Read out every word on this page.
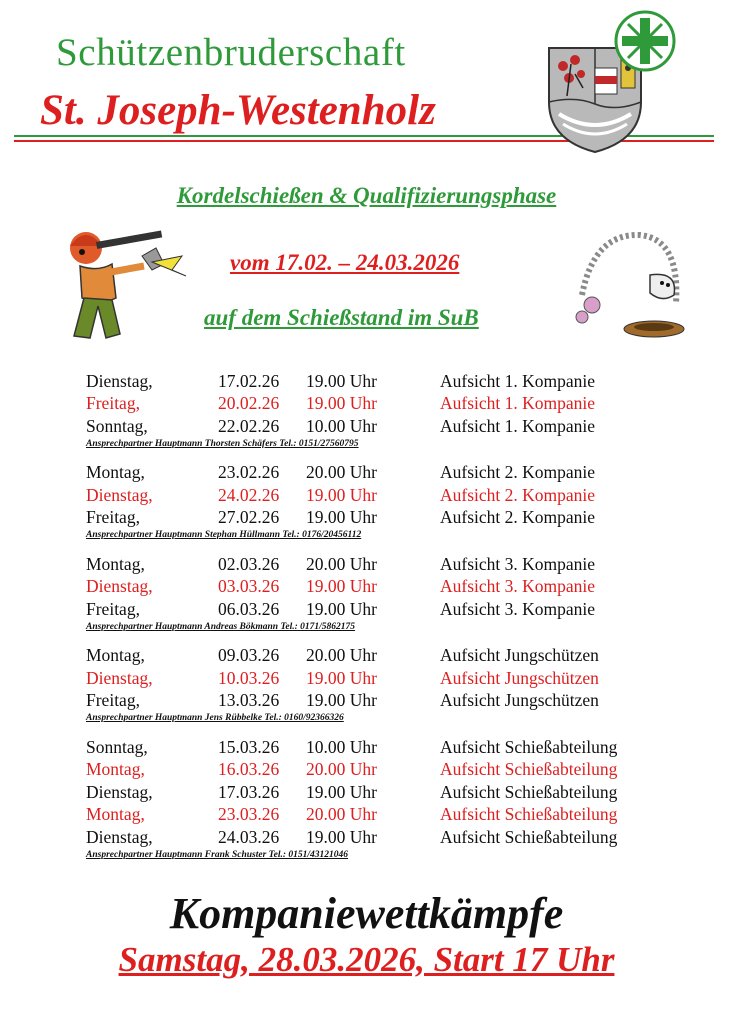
Schützenbruderschaft
St. Joseph-Westenholz
Kordelschießen & Qualifizierungsphase
vom 17.02. – 24.03.2026
auf dem Schießstand im SuB
Dienstag,	17.02.26	19.00 Uhr	Aufsicht 1. Kompanie
Freitag,	20.02.26	19.00 Uhr	Aufsicht 1. Kompanie
Sonntag,	22.02.26	10.00 Uhr	Aufsicht 1. Kompanie
Ansprechpartner Hauptmann Thorsten Schäfers Tel.: 0151/27560795
Montag,	23.02.26	20.00 Uhr	Aufsicht 2. Kompanie
Dienstag,	24.02.26	19.00 Uhr	Aufsicht 2. Kompanie
Freitag,	27.02.26	19.00 Uhr	Aufsicht 2. Kompanie
Ansprechpartner Hauptmann Stephan Hüllmann Tel.: 0176/20456112
Montag,	02.03.26	20.00 Uhr	Aufsicht 3. Kompanie
Dienstag,	03.03.26	19.00 Uhr	Aufsicht 3. Kompanie
Freitag,	06.03.26	19.00 Uhr	Aufsicht 3. Kompanie
Ansprechpartner Hauptmann Andreas Bökmann Tel.: 0171/5862175
Montag,	09.03.26	20.00 Uhr	Aufsicht Jungschützen
Dienstag,	10.03.26	19.00 Uhr	Aufsicht Jungschützen
Freitag,	13.03.26	19.00 Uhr	Aufsicht Jungschützen
Ansprechpartner Hauptmann Jens Rübbelke Tel.: 0160/92366326
Sonntag,	15.03.26	10.00 Uhr	Aufsicht Schießabteilung
Montag,	16.03.26	20.00 Uhr	Aufsicht Schießabteilung
Dienstag,	17.03.26	19.00 Uhr	Aufsicht Schießabteilung
Montag,	23.03.26	20.00 Uhr	Aufsicht Schießabteilung
Dienstag,	24.03.26	19.00 Uhr	Aufsicht Schießabteilung
Ansprechpartner Hauptmann Frank Schuster Tel.: 0151/43121046
Kompaniewettkämpfe
Samstag, 28.03.2026, Start 17 Uhr
